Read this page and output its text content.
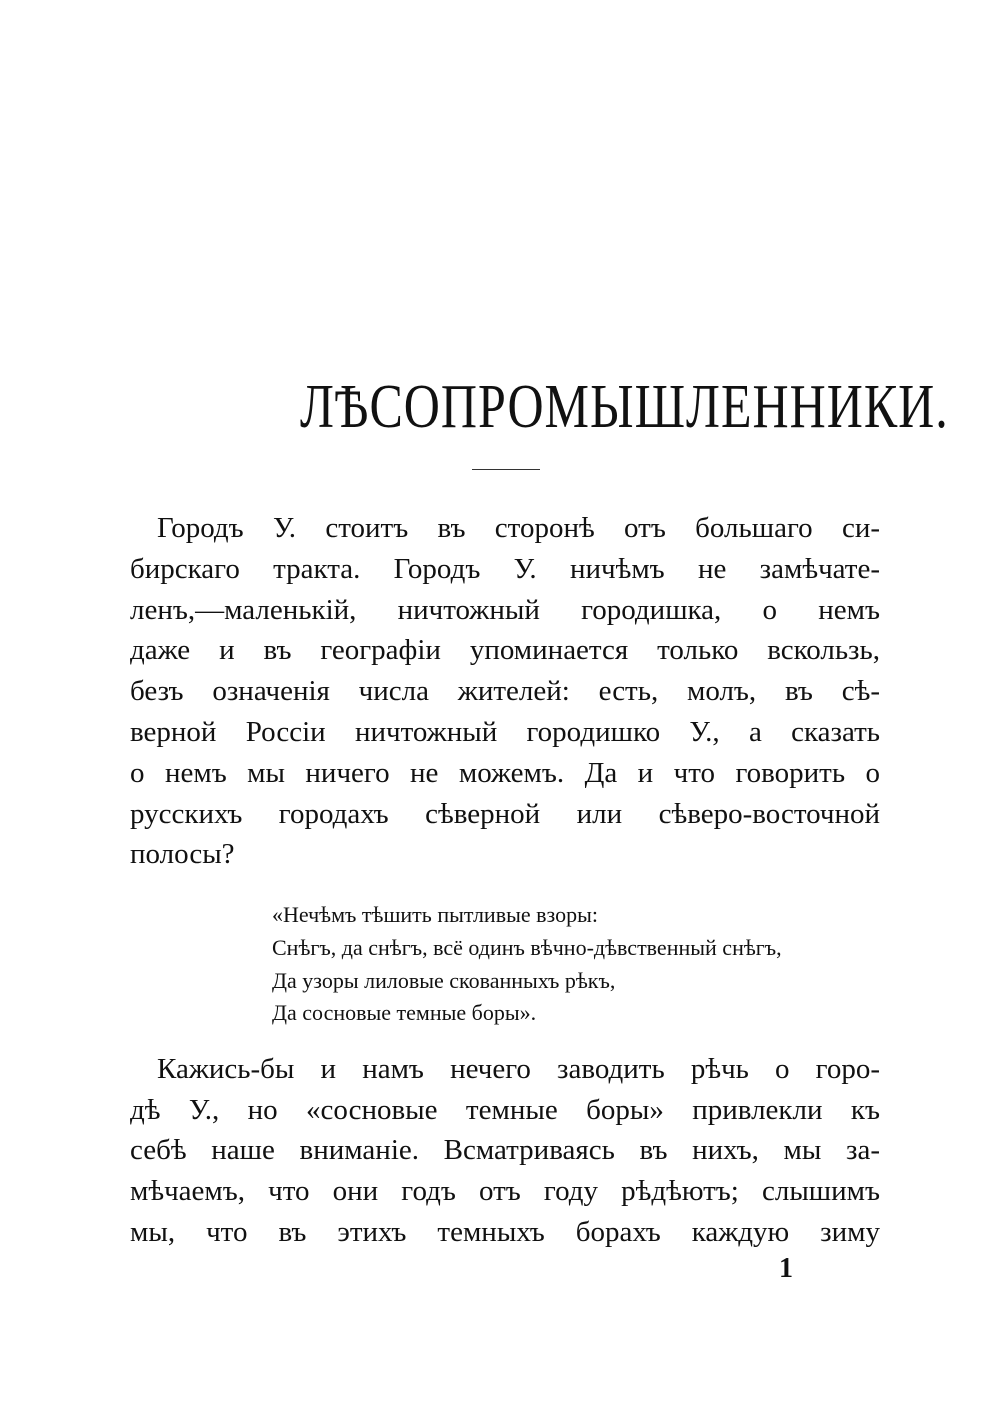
ЛѢСОПРОМЫШЛЕННИКИ.
Городъ У. стоитъ въ сторонѣ отъ большаго си-
бирскаго тракта. Городъ У. ничѣмъ не замѣчате-
ленъ,—маленькій, ничтожный городишка, о немъ
даже и въ географіи упоминается только вскользь,
безъ означенія числа жителей: есть, молъ, въ сѣ-
верной Россіи ничтожный городишко У., а сказать
о немъ мы ничего не можемъ. Да и что говорить о
русскихъ городахъ сѣверной или сѣверо-восточной
полосы?
«Нечѣмъ тѣшить пытливые взоры:
Снѣгъ, да снѣгъ, всё одинъ вѣчно-дѣвственный снѣгъ,
Да узоры лиловые скованныхъ рѣкъ,
Да сосновые темные боры».
Кажись-бы и намъ нечего заводить рѣчь о горо-
дѣ У., но «сосновые темные боры» привлекли къ
себѣ наше вниманіе. Всматриваясь въ нихъ, мы за-
мѣчаемъ, что они годъ отъ году рѣдѣютъ; слышимъ
мы, что въ этихъ темныхъ борахъ каждую зиму
1
